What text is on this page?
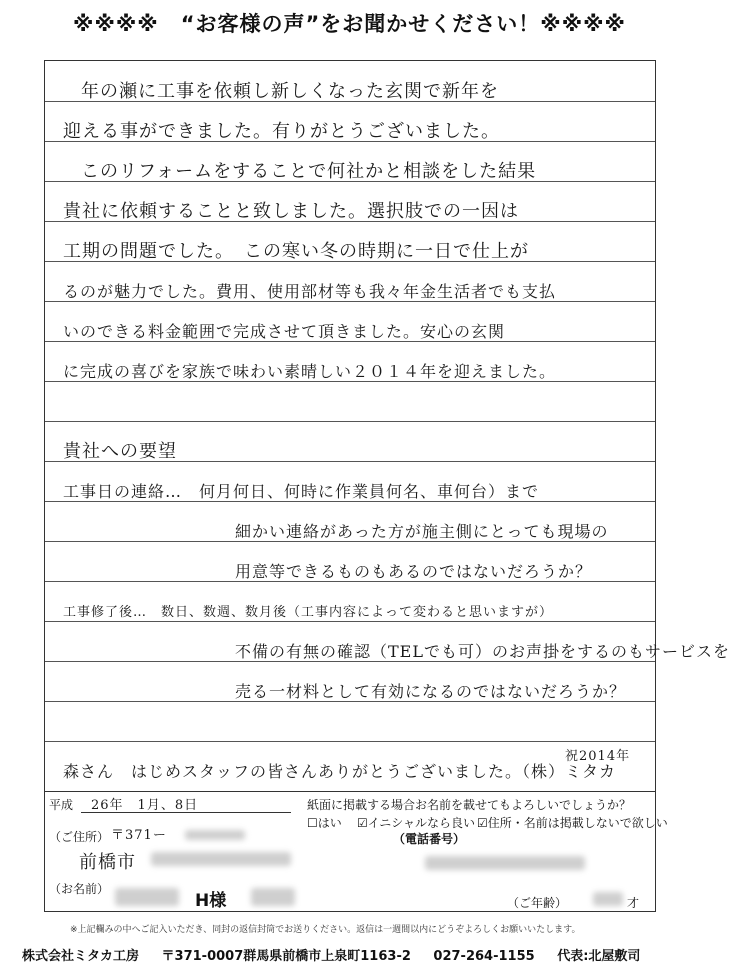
※※※※　“お客様の声”をお聞かせください！※※※※
年の瀬に工事を依頼し新しくなった玄関で新年を
迎える事ができました。有りがとうございました。
このリフォームをすることで何社かと相談をした結果
貴社に依頼することと致しました。選択肢での一因は
工期の問題でした。　この寒い冬の時期に一日で仕上が
るのが魅力でした。費用、使用部材等も我々年金生活者でも支払
いのできる料金範囲で完成させて頂きました。安心の玄関
に完成の喜びを家族で味わい素晴しい２０１４年を迎えました。
貴社への要望
工事日の連絡…　何月何日、何時に作業員何名、車何台）まで
細かい連絡があった方が施主側にとっても現場の
用意等できるものもあるのではないだろうか？
工事修了後…　数日、数週、数月後（工事内容によって変わると思いますが）
不備の有無の確認（TELでも可）のお声掛をするのもサービスを
売る一材料として有効になるのではないだろうか？
森さん　はじめスタッフの皆さんありがとうございました。（株）ミタカ
祝2014年
平成 26年　1月、8日	紙面に掲載する場合お名前を載せてもよろしいでしょうか？
☐はい ☑イニシャルなら良い ☑住所・名前は掲載しないで欲しい
（電話番号）
（ご住所） 〒371ー
前橋市
（お名前）
H様	（ご年齢）	才
※上記欄みの中へご記入いただき、同封の返信封筒でお送りください。返信は一週間以内にどうぞよろしくお願いいたします。
株式会社ミタカ工房 〒371-0007群馬県前橋市上泉町1163-2 027-264-1155 代表:北屋敷司
